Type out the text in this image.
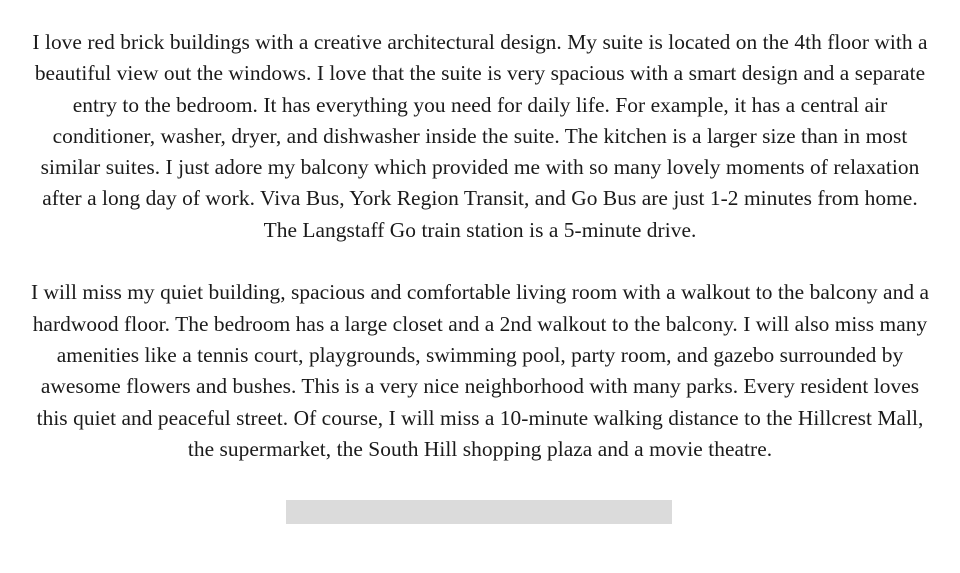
I love red brick buildings with a creative architectural design. My suite is located on the 4th floor with a beautiful view out the windows. I love that the suite is very spacious with a smart design and a separate entry to the bedroom. It has everything you need for daily life. For example, it has a central air conditioner, washer, dryer, and dishwasher inside the suite. The kitchen is a larger size than in most similar suites. I just adore my balcony which provided me with so many lovely moments of relaxation after a long day of work. Viva Bus, York Region Transit, and Go Bus are just 1-2 minutes from home. The Langstaff Go train station is a 5-minute drive.

I will miss my quiet building, spacious and comfortable living room with a walkout to the balcony and a hardwood floor. The bedroom has a large closet and a 2nd walkout to the balcony. I will also miss many amenities like a tennis court, playgrounds, swimming pool, party room, and gazebo surrounded by awesome flowers and bushes. This is a very nice neighborhood with many parks. Every resident loves this quiet and peaceful street. Of course, I will miss a 10-minute walking distance to the Hillcrest Mall, the supermarket, the South Hill shopping plaza and a movie theatre.
